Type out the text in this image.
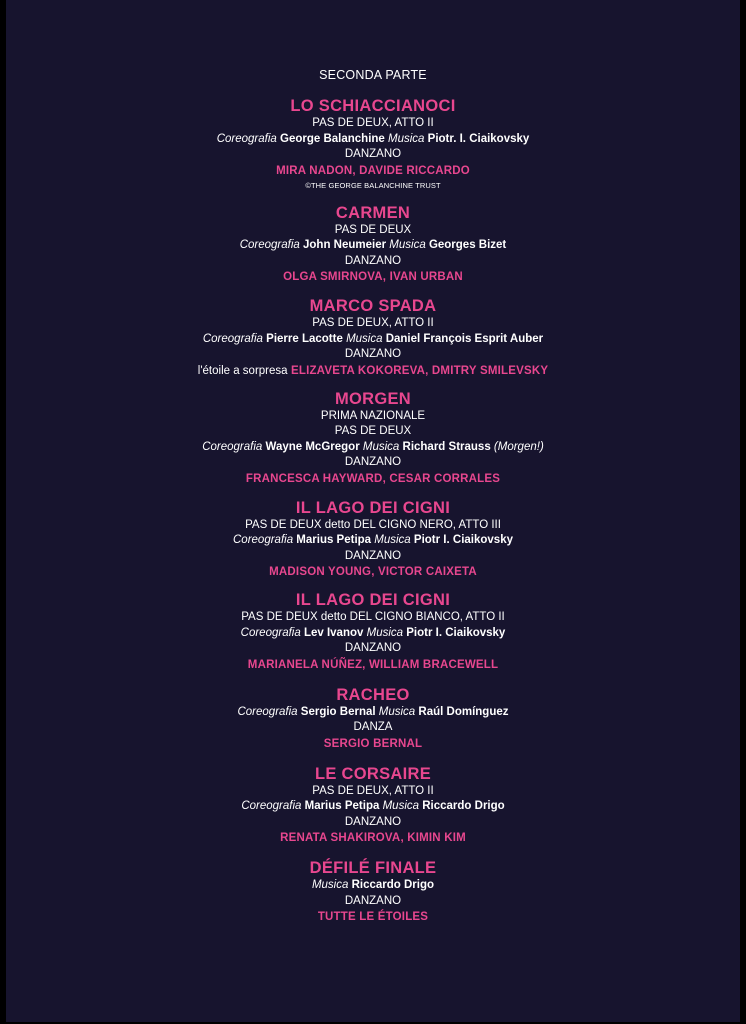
SECONDA PARTE
LO SCHIACCIANOCI
PAS DE DEUX, ATTO II
Coreografia George Balanchine Musica Piotr. I. Ciaikovsky
DANZANO
MIRA NADON, DAVIDE RICCARDO
©THE GEORGE BALANCHINE TRUST
CARMEN
PAS DE DEUX
Coreografia John Neumeier Musica Georges Bizet
DANZANO
OLGA SMIRNOVA, IVAN URBAN
MARCO SPADA
PAS DE DEUX, ATTO II
Coreografia Pierre Lacotte Musica Daniel François Esprit Auber
DANZANO
l'étoile a sorpresa ELIZAVETA KOKOREVA, DMITRY SMILEVSKY
MORGEN
PRIMA NAZIONALE
PAS DE DEUX
Coreografia Wayne McGregor Musica Richard Strauss (Morgen!)
DANZANO
FRANCESCA HAYWARD, CESAR CORRALES
IL LAGO DEI CIGNI
PAS DE DEUX detto DEL CIGNO NERO, ATTO III
Coreografia Marius Petipa Musica Piotr I. Ciaikovsky
DANZANO
MADISON YOUNG, VICTOR CAIXETA
IL LAGO DEI CIGNI
PAS DE DEUX detto DEL CIGNO BIANCO, ATTO II
Coreografia Lev Ivanov Musica Piotr I. Ciaikovsky
DANZANO
MARIANELA NÚÑEZ, WILLIAM BRACEWELL
RACHEO
Coreografia Sergio Bernal Musica Raúl Domínguez
DANZA
SERGIO BERNAL
LE CORSAIRE
PAS DE DEUX, ATTO II
Coreografia Marius Petipa Musica Riccardo Drigo
DANZANO
RENATA SHAKIROVA, KIMIN KIM
DÉFILÉ FINALE
Musica Riccardo Drigo
DANZANO
TUTTE LE ÉTOILES
